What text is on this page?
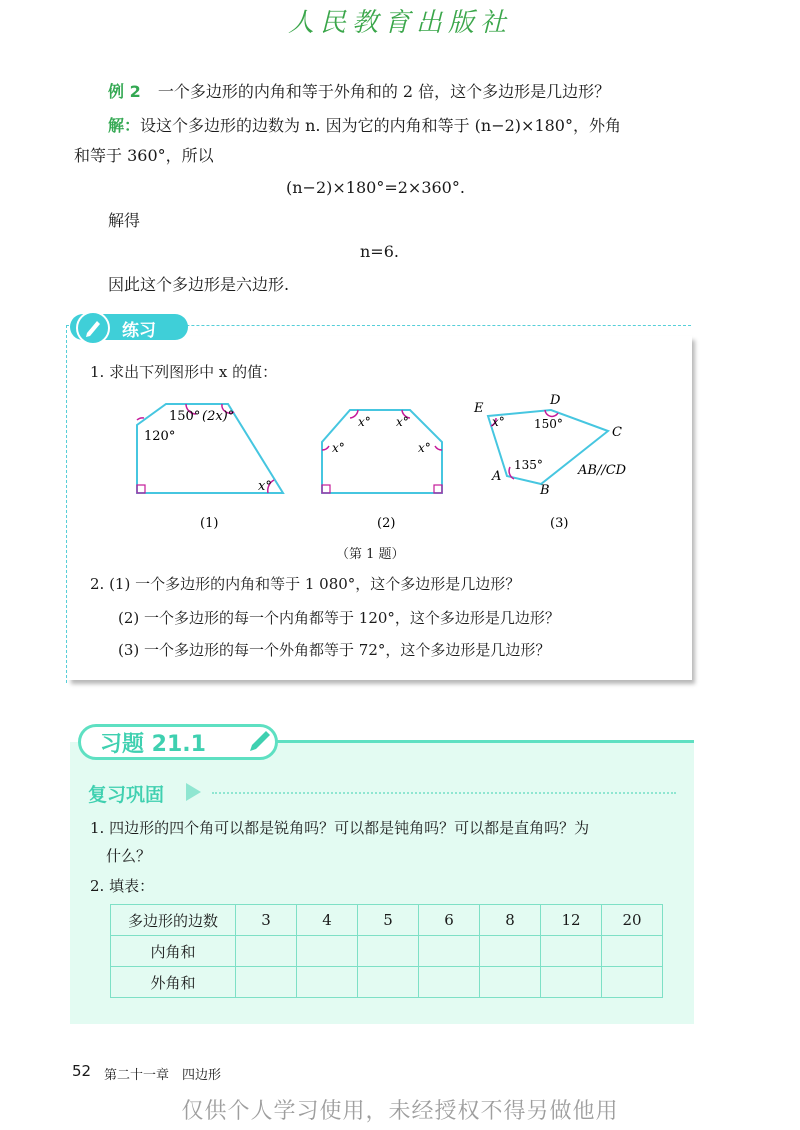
人民教育出版社
例 2 一个多边形的内角和等于外角和的 2 倍，这个多边形是几边形？
解：设这个多边形的边数为 n. 因为它的内角和等于 (n−2)×180°，外角
和等于 360°，所以
(n−2)×180°=2×360°.
解得
n=6.
因此这个多边形是六边形.
练习
1. 求出下列图形中 x 的值：
150° (2x)°
120°
x°
(1)
x° x°
x°	x°
(2)
E
D
C
A
B
x° 150°
135°	AB//CD
(3)
（第 1 题）
2. (1) 一个多边形的内角和等于 1 080°，这个多边形是几边形？
(2) 一个多边形的每一个内角都等于 120°，这个多边形是几边形？
(3) 一个多边形的每一个外角都等于 72°，这个多边形是几边形？
习题 21.1
复习巩固
1. 四边形的四个角可以都是锐角吗？可以都是钝角吗？可以都是直角吗？为
什么？
2. 填表：
多边形的边数	3	4	5	6	8	12	20
内角和							
外角和							
52 第二十一章　四边形
仅供个人学习使用，未经授权不得另做他用
